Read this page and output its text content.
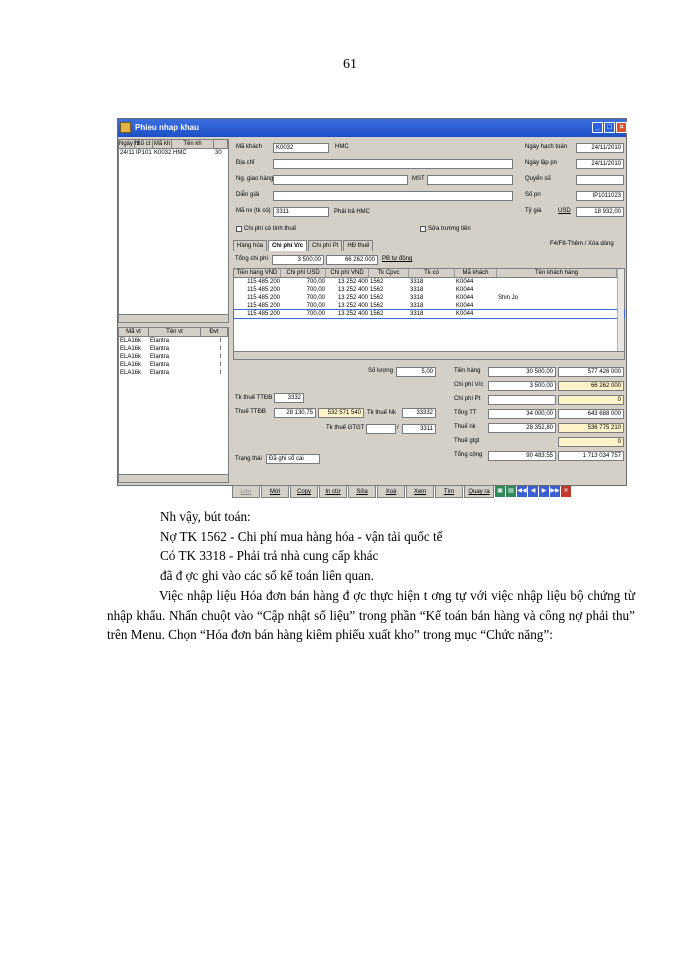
61
Phieu nhap khau	_	□	×
Ngày ht
Số ct Mã kh	Tên kh
24/11 IP101 K0032 HMC	30
Mã vt	Tên vt	Đvt
ELA16k	Elantra	l
ELA16k	Elantra	l
ELA16k	Elantra	l
ELA16k	Elantra	l
ELA16k	Elantra	l
Mã khách	K0032	HMC
Địa chỉ
Ng. giao hàng	MST
Diễn giải
Mã nx (tk có) 3311	Phải trả HMC
Ngày hạch toán	24/11/2010
Ngày lập pn	24/11/2010
Quyển số
Số pn	IP1011023
Tỷ giá	USD	18 932,00
Chi phí có tính thuế	Sửa trường tiền
Hàng hóa	Chi phí V/c	Chi phí Pt	HĐ thuế	F4/F8-Thêm / Xóa dòng
Tổng chi phí	3 500,00	66 262 000	PB tự động
Tiền hàng VND	Chi phí USD	Chi phí VND	Tk Cpvc	Tk có	Mã khách	Tên khách hàng
115 485 200	700,00	13 252 400 1562	3318	K0044
115 485 200	700,00	13 252 400 1562	3318	K0044
115 485 200	700,00	13 252 400 1562	3318	K0044	Shin Jo
115 485 200	700,00	13 252 400 1562	3318	K0044
115 485 200	700,00	13 252 400 1562	3318	K0044
Số lượng	5,00
Tk thuế TTĐB	3332
Thuế TTĐB	28 130,75	532 571 540	Tk thuế Nk	33332
Tk thuế GTGT	/	3311
Trạng thái	Đã ghi sổ cái
Tiền hàng	30 500,00	577 426 000
Chi phí V/c	3 500,00	66 262 000
Chi phí Pt	0
Tổng TT	34 000,00	643 688 000
Thuế nk	28 352,80	536 775 210
Thuế gtgt	0
Tổng cộng	90 483,55	1 713 034 757
Lưu	Mới	Copy	In ctừ	Sửa	Xoá	Xem	Tìm	Quay ra	▣ ▤ ◀◀ ◀	▶ ▶▶ ✕
Nh vậy, bút toán:
Nợ TK 1562 - Chi phí mua hàng hóa - vận tải quốc tế
Có TK 3318 - Phải trả nhà cung cấp khác
đã đ ợc ghi vào các sổ kế toán liên quan.
Việc nhập liệu Hóa đơn bán hàng đ ợc thực hiện t ơng tự với việc nhập liệu bộ chứng từ nhập khẩu. Nhấn chuột vào “Cập nhật số liệu” trong phần “Kế toán bán hàng và công nợ phải thu” trên Menu. Chọn “Hóa đơn bán hàng kiêm phiếu xuất kho” trong mục “Chức năng”:
